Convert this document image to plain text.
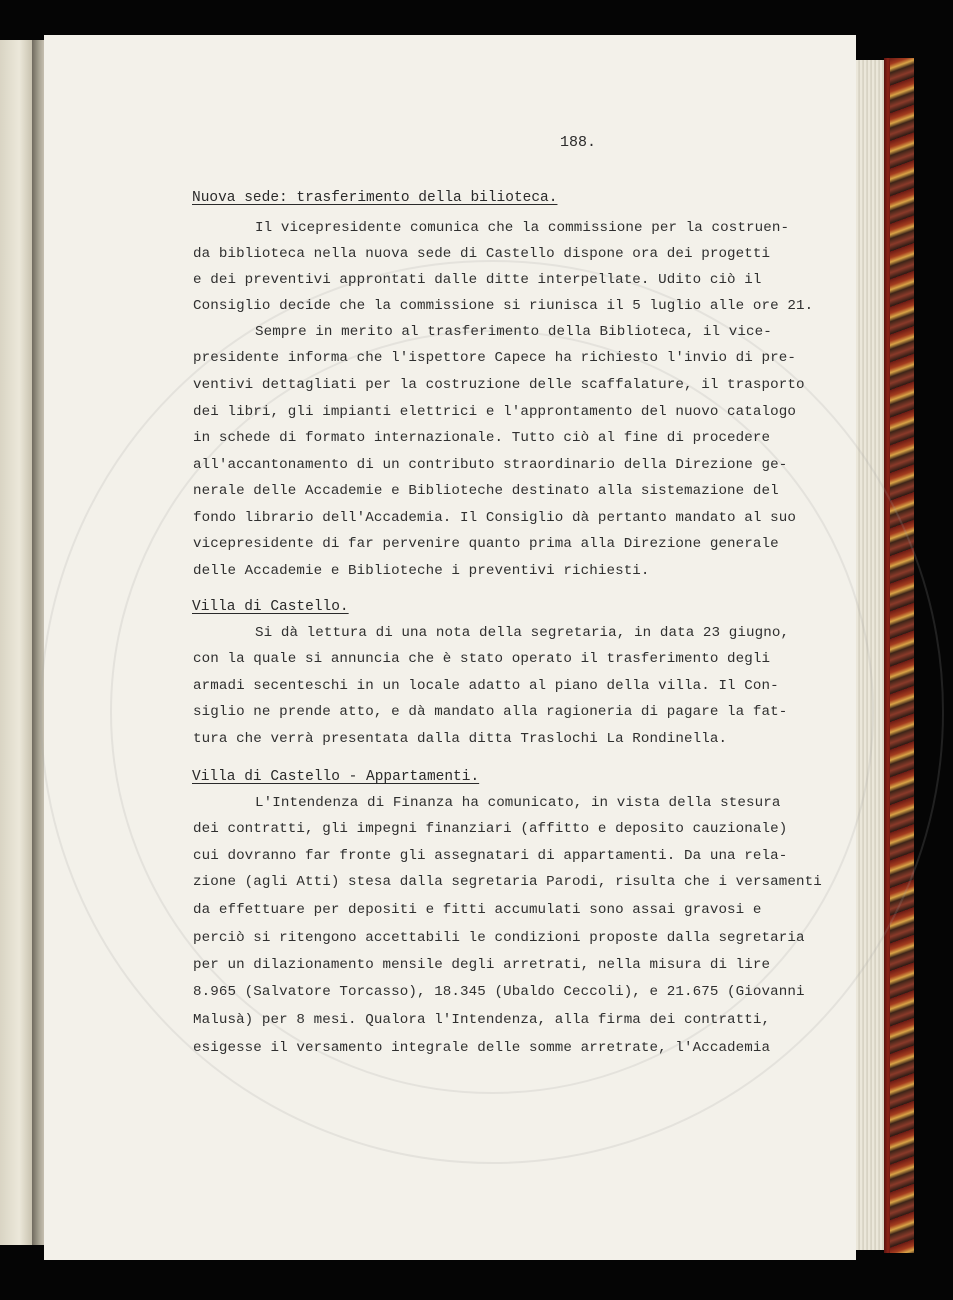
188.
Nuova sede: trasferimento della bilioteca.
Il vicepresidente comunica che la commissione per la costruen-
da biblioteca nella nuova sede di Castello dispone ora dei progetti
e dei preventivi approntati dalle ditte interpellate. Udito ciò il
Consiglio decide che la commissione si riunisca il 5 luglio alle ore 21.
Sempre in merito al trasferimento della Biblioteca, il vice-
presidente informa che l'ispettore Capece ha richiesto l'invio di pre-
ventivi dettagliati per la costruzione delle scaffalature, il trasporto
dei libri, gli impianti elettrici e l'approntamento del nuovo catalogo
in schede di formato internazionale. Tutto ciò al fine di procedere
all'accantonamento di un contributo straordinario della Direzione ge-
nerale delle Accademie e Biblioteche destinato alla sistemazione del
fondo librario dell'Accademia. Il Consiglio dà pertanto mandato al suo
vicepresidente di far pervenire quanto prima alla Direzione generale
delle Accademie e Biblioteche i preventivi richiesti.
Villa di Castello.
Si dà lettura di una nota della segretaria, in data 23 giugno,
con la quale si annuncia che è stato operato il trasferimento degli
armadi secenteschi in un locale adatto al piano della villa. Il Con-
siglio ne prende atto, e dà mandato alla ragioneria di pagare la fat-
tura che verrà presentata dalla ditta Traslochi La Rondinella.
Villa di Castello - Appartamenti.
L'Intendenza di Finanza ha comunicato, in vista della stesura
dei contratti, gli impegni finanziari (affitto e deposito cauzionale)
cui dovranno far fronte gli assegnatari di appartamenti. Da una rela-
zione (agli Atti) stesa dalla segretaria Parodi, risulta che i versamenti
da effettuare per depositi e fitti accumulati sono assai gravosi e
perciò si ritengono accettabili le condizioni proposte dalla segretaria
per un dilazionamento mensile degli arretrati, nella misura di lire
8.965 (Salvatore Torcasso), 18.345 (Ubaldo Ceccoli), e 21.675 (Giovanni
Malusà) per 8 mesi. Qualora l'Intendenza, alla firma dei contratti,
esigesse il versamento integrale delle somme arretrate, l'Accademia
